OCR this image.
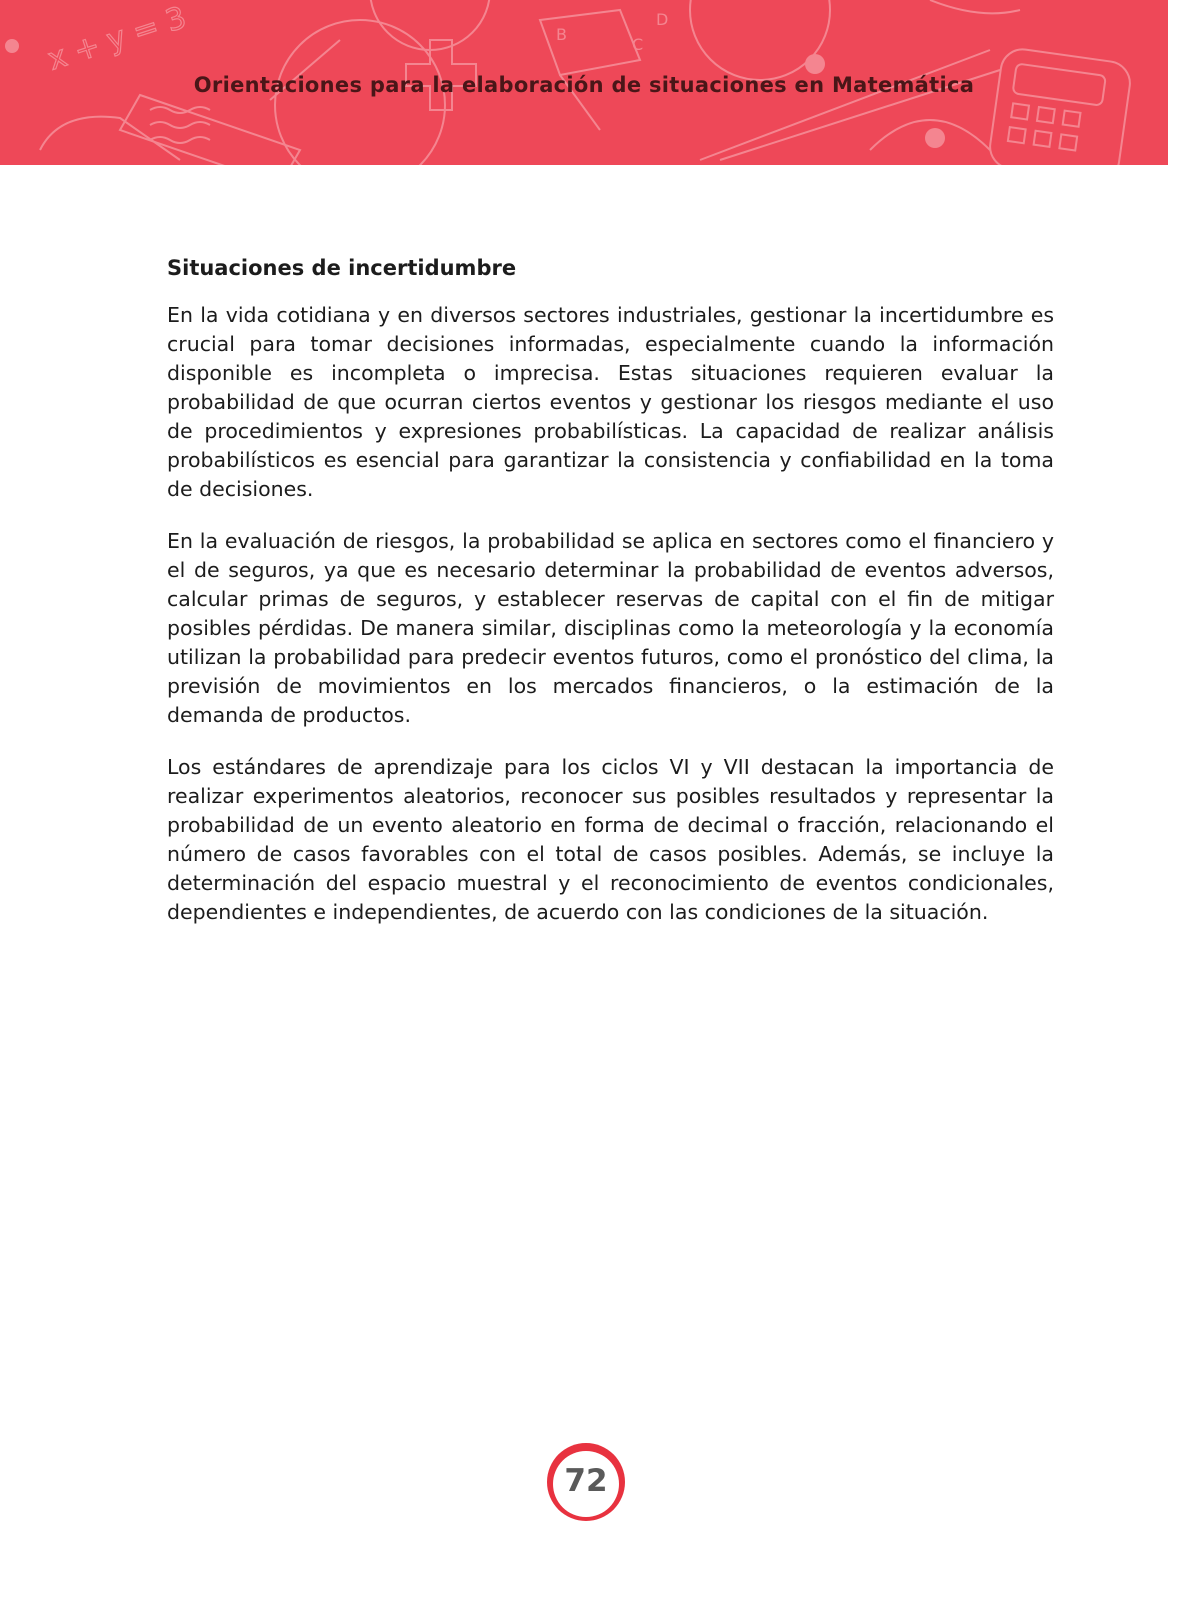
x + y = 3	B
C
D
Orientaciones para la elaboración de situaciones en Matemática
Situaciones de incertidumbre

En la vida cotidiana y en diversos sectores industriales, gestionar la incertidumbre es crucial para tomar decisiones informadas, especialmente cuando la información disponible es incompleta o imprecisa. Estas situaciones requieren evaluar la probabilidad de que ocurran ciertos eventos y gestionar los riesgos mediante el uso de procedimientos y expresiones probabilísticas. La capacidad de realizar análisis probabilísticos es esencial para garantizar la consistencia y confiabilidad en la toma de decisiones.

En la evaluación de riesgos, la probabilidad se aplica en sectores como el financiero y el de seguros, ya que es necesario determinar la probabilidad de eventos adversos, calcular primas de seguros, y establecer reservas de capital con el fin de mitigar posibles pérdidas. De manera similar, disciplinas como la meteorología y la economía utilizan la probabilidad para predecir eventos futuros, como el pronóstico del clima, la previsión de movimientos en los mercados financieros, o la estimación de la demanda de productos.

Los estándares de aprendizaje para los ciclos VI y VII destacan la importancia de realizar experimentos aleatorios, reconocer sus posibles resultados y representar la probabilidad de un evento aleatorio en forma de decimal o fracción, relacionando el número de casos favorables con el total de casos posibles. Además, se incluye la determinación del espacio muestral y el reconocimiento de eventos condicionales, dependientes e independientes, de acuerdo con las condiciones de la situación.

72
